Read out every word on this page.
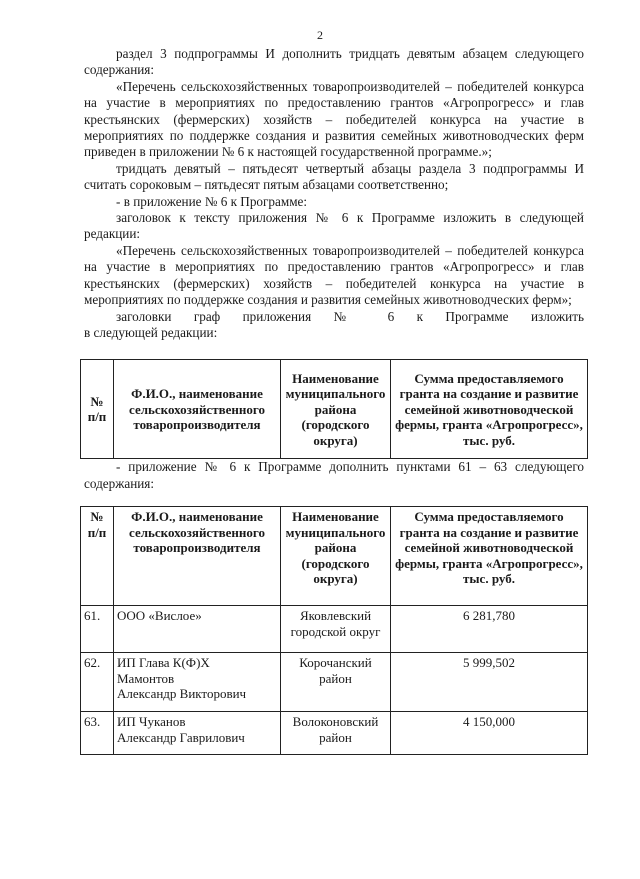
2

раздел 3 подпрограммы И дополнить тридцать девятым абзацем следующего содержания:

«Перечень сельскохозяйственных товаропроизводителей – победителей конкурса на участие в мероприятиях по предоставлению грантов «Агропрогресс» и глав крестьянских (фермерских) хозяйств – победителей конкурса на участие в мероприятиях по поддержке создания и развития семейных животноводческих ферм приведен в приложении № 6 к настоящей государственной программе.»;

тридцать девятый – пятьдесят четвертый абзацы раздела 3 подпрограммы И считать сороковым – пятьдесят пятым абзацами соответственно;

- в приложение № 6 к Программе:

заголовок к тексту приложения № 6 к Программе изложить в следующей редакции:

«Перечень сельскохозяйственных товаропроизводителей – победителей конкурса на участие в мероприятиях по предоставлению грантов «Агропрогресс» и глав крестьянских (фермерских) хозяйств – победителей конкурса на участие в мероприятиях по поддержке создания и развития семейных животноводческих ферм»;

заголовки граф приложения № 6 к Программе изложить

в следующей редакции:

№ п/п	Ф.И.О., наименование сельскохозяйственного товаропроизводителя	Наименование муниципального района (городского округа)	Сумма предоставляемого гранта на создание и развитие семейной животноводческой фермы, гранта «Агропрогресс», тыс. руб.

- приложение № 6 к Программе дополнить пунктами 61 – 63 следующего содержания:

№ п/п	Ф.И.О., наименование сельскохозяйственного товаропроизводителя	Наименование муниципального района (городского округа)	Сумма предоставляемого гранта на создание и развитие семейной животноводческой фермы, гранта «Агропрогресс», тыс. руб.
61.	ООО «Вислое»	Яковлевский городской округ	6 281,780
62.	ИП Глава К(Ф)Х
Мамонтов
Александр Викторович	Корочанский район	5 999,502
63.	ИП Чуканов
Александр Гаврилович	Волоконовский район	4 150,000
